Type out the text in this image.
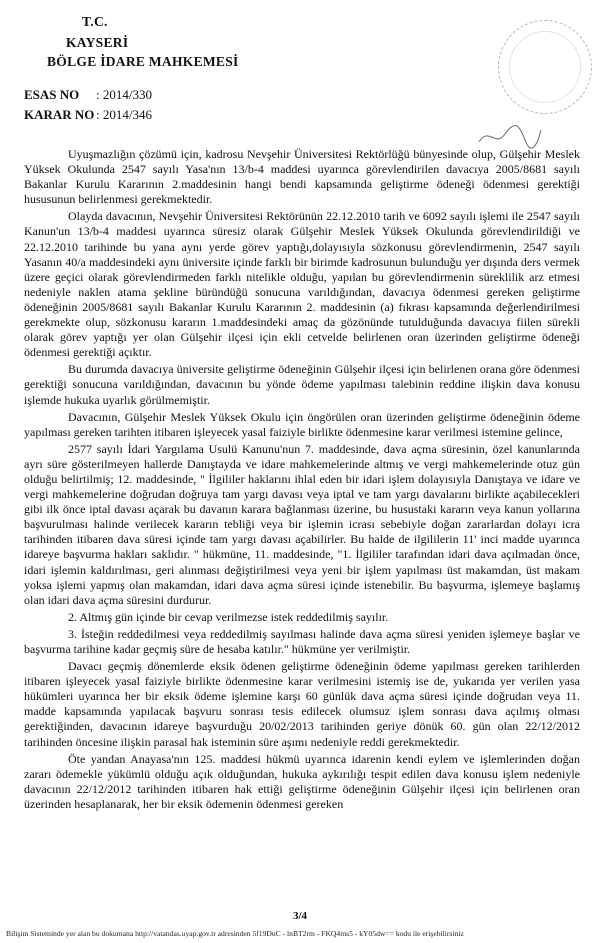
T.C.
KAYSERİ
BÖLGE İDARE MAHKEMESİ
ESAS NO : 2014/330
KARAR NO : 2014/346

Uyuşmazlığın çözümü için, kadrosu Nevşehir Üniversitesi Rektörlüğü bünyesinde olup, Gülşehir Meslek Yüksek Okulunda 2547 sayılı Yasa'nın 13/b-4 maddesi uyarınca görevlendirilen davacıya 2005/8681 sayılı Bakanlar Kurulu Kararının 2.maddesinin hangi bendi kapsamında geliştirme ödeneği ödenmesi gerektiği hususunun belirlenmesi gerekmektedir.

Olayda davacının, Nevşehir Üniversitesi Rektörünün 22.12.2010 tarih ve 6092 sayılı işlemi ile 2547 sayılı Kanun'un 13/b-4 maddesi uyarınca süresiz olarak Gülşehir Meslek Yüksek Okulunda görevlendirildiği ve 22.12.2010 tarihinde bu yana aynı yerde görev yaptığı,dolayısıyla sözkonusu görevlendirmenin, 2547 sayılı Yasanın 40/a maddesindeki aynı üniversite içinde farklı bir birimde kadrosunun bulunduğu yer dışında ders vermek üzere geçici olarak görevlendirmeden farklı nitelikle olduğu, yapılan bu görevlendirmenin süreklilik arz etmesi nedeniyle naklen atama şekline büründüğü sonucuna varıldığından, davacıya ödenmesi gereken geliştirme ödeneğinin 2005/8681 sayılı Bakanlar Kurulu Kararının 2. maddesinin (a) fıkrası kapsamında değerlendirilmesi gerekmekte olup, sözkonusu kararın 1.maddesindeki amaç da gözönünde tutulduğunda davacıya fiilen sürekli olarak görev yaptığı yer olan Gülşehir ilçesi için ekli cetvelde belirlenen oran üzerinden geliştirme ödeneği ödenmesi gerektiği açıktır.

Bu durumda davacıya üniversite geliştirme ödeneğinin Gülşehir ilçesi için belirlenen orana göre ödenmesi gerektiği sonucuna varıldığından, davacının bu yönde ödeme yapılması talebinin reddine ilişkin dava konusu işlemde hukuka uyarlık görülmemiştir.

Davacının, Gülşehir Meslek Yüksek Okulu için öngörülen oran üzerinden geliştirme ödeneğinin ödeme yapılması gereken tarihten itibaren işleyecek yasal faiziyle birlikte ödenmesine karar verilmesi istemine gelince,

2577 sayılı İdari Yargılama Usulü Kanunu'nun 7. maddesinde, dava açma süresinin, özel kanunlarında ayrı süre gösterilmeyen hallerde Danıştayda ve idare mahkemelerinde altmış ve vergi mahkemelerinde otuz gün olduğu belirtilmiş; 12. maddesinde, " İlgililer haklarını ihlal eden bir idari işlem dolayısıyla Danıştaya ve idare ve vergi mahkemelerine doğrudan doğruya tam yargı davası veya iptal ve tam yargı davalarını birlikte açabilecekleri gibi ilk önce iptal davası açarak bu davanın karara bağlanması üzerine, bu husustaki kararın veya kanun yollarına başvurulması halinde verilecek kararın tebliği veya bir işlemin icrası sebebiyle doğan zararlardan dolayı icra tarihinden itibaren dava süresi içinde tam yargı davası açabilirler. Bu halde de ilgililerin 11' inci madde uyarınca idareye başvurma hakları saklıdır. " hükmüne, 11. maddesinde, "1. İlgililer tarafından idari dava açılmadan önce, idari işlemin kaldırılması, geri alınması değiştirilmesi veya yeni bir işlem yapılması üst makamdan, üst makam yoksa işlemi yapmış olan makamdan, idari dava açma süresi içinde istenebilir. Bu başvurma, işlemeye başlamış olan idari dava açma süresini durdurur.

2. Altmış gün içinde bir cevap verilmezse istek reddedilmiş sayılır.

3. İsteğin reddedilmesi veya reddedilmiş sayılması halinde dava açma süresi yeniden işlemeye başlar ve başvurma tarihine kadar geçmiş süre de hesaba katılır." hükmüne yer verilmiştir.

Davacı geçmiş dönemlerde eksik ödenen geliştirme ödeneğinin ödeme yapılması gereken tarihlerden itibaren işleyecek yasal faiziyle birlikte ödenmesine karar verilmesini istemiş ise de, yukarıda yer verilen yasa hükümleri uyarınca her bir eksik ödeme işlemine karşı 60 günlük dava açma süresi içinde doğrudan veya 11. madde kapsamında yapılacak başvuru sonrası tesis edilecek olumsuz işlem sonrası dava açılmış olması gerektiğinden, davacının idareye başvurduğu 20/02/2013 tarihinden geriye dönük 60. gün olan 22/12/2012 tarihinden öncesine ilişkin parasal hak isteminin süre aşımı nedeniyle reddi gerekmektedir.

Öte yandan Anayasa'nın 125. maddesi hükmü uyarınca idarenin kendi eylem ve işlemlerinden doğan zararı ödemekle yükümlü olduğu açık olduğundan, hukuka aykırılığı tespit edilen dava konusu işlem nedeniyle davacının 22/12/2012 tarihinden itibaren hak ettiği geliştirme ödeneğinin Gülşehir ilçesi için belirlenen oran üzerinden hesaplanarak, her bir eksik ödemenin ödenmesi gereken

3/4
Bilişim Sisteminde yer alan bu dokumana http://vatandas.uyap.gov.tr adresinden 5f19DuC - lnBT2rm - FKQ4ms5 - kY05dw== kodu ile erişebilirsiniz
